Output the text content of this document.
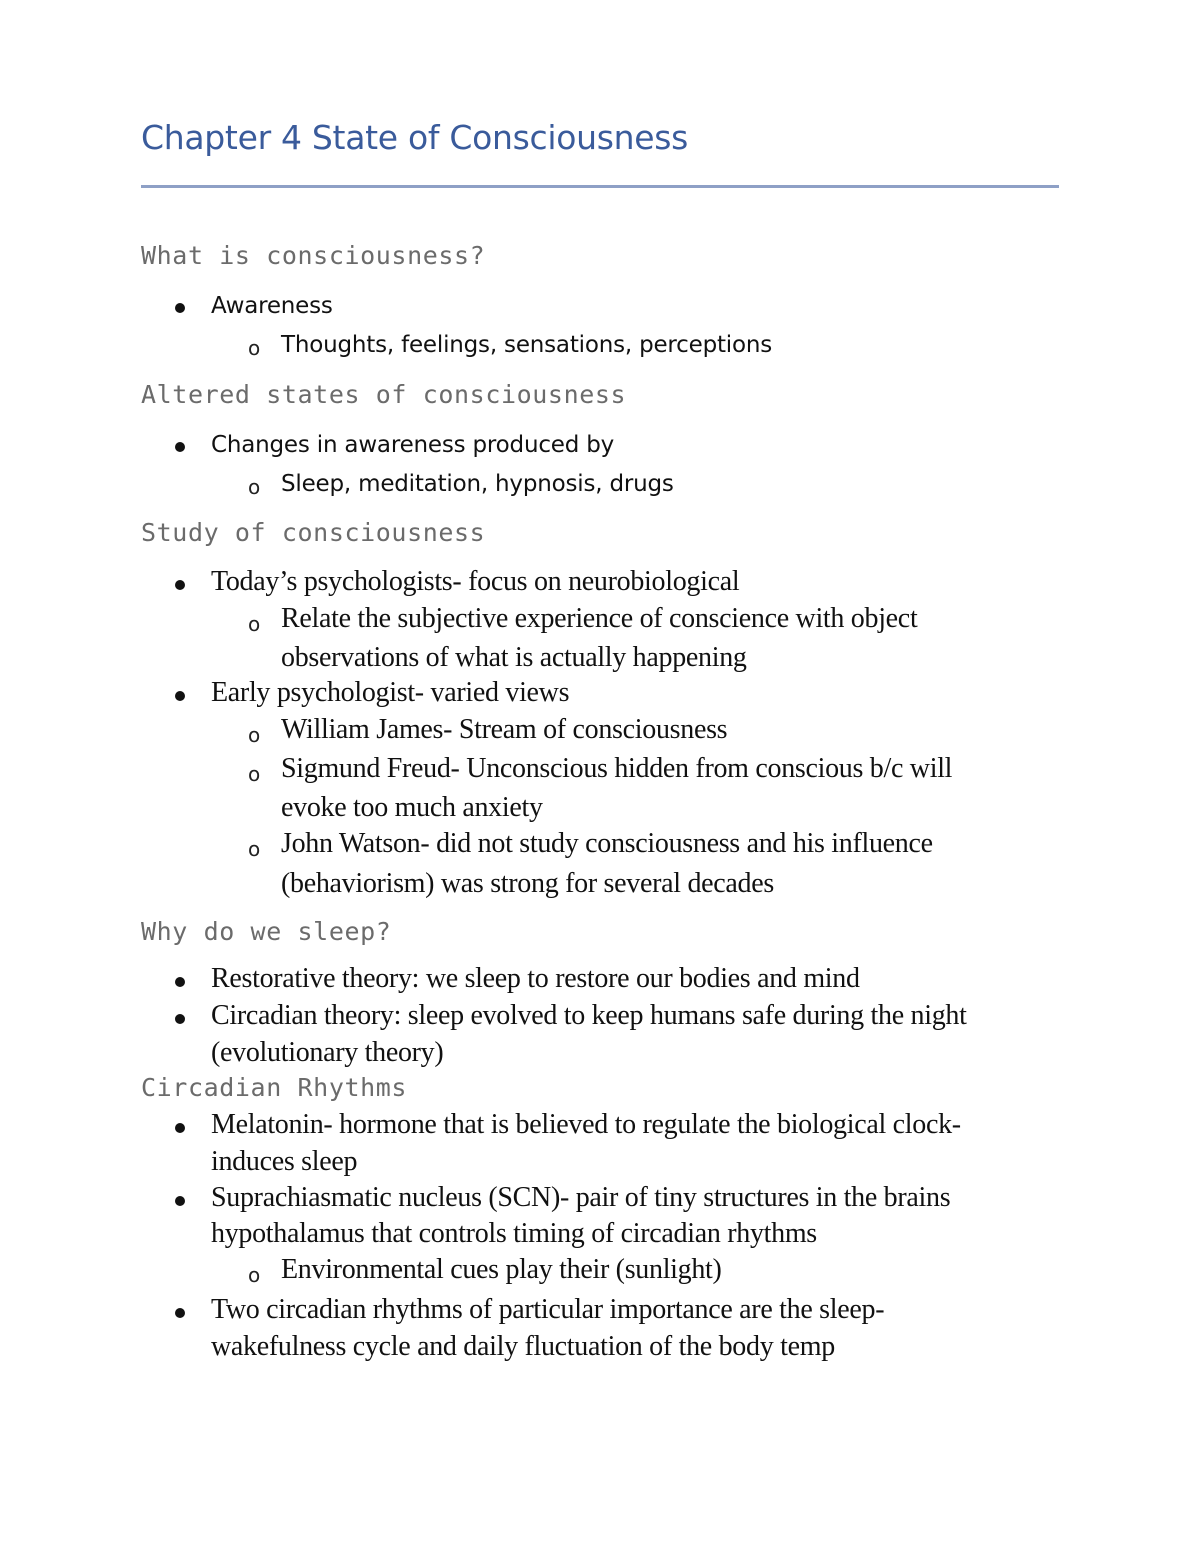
Chapter 4 State of Consciousness
What is consciousness?
Awareness
o Thoughts, feelings, sensations, perceptions
Altered states of consciousness
Changes in awareness produced by
o Sleep, meditation, hypnosis, drugs
Study of consciousness
Today’s psychologists- focus on neurobiological
o Relate the subjective experience of conscience with object
observations of what is actually happening
Early psychologist- varied views
o William James- Stream of consciousness
o Sigmund Freud- Unconscious hidden from conscious b/c will
evoke too much anxiety
o John Watson- did not study consciousness and his influence
(behaviorism) was strong for several decades
Why do we sleep?
Restorative theory: we sleep to restore our bodies and mind
Circadian theory: sleep evolved to keep humans safe during the night
(evolutionary theory)
Circadian Rhythms
Melatonin- hormone that is believed to regulate the biological clock-
induces sleep
Suprachiasmatic nucleus (SCN)- pair of tiny structures in the brains
hypothalamus that controls timing of circadian rhythms
o Environmental cues play their (sunlight)
Two circadian rhythms of particular importance are the sleep-
wakefulness cycle and daily fluctuation of the body temp
